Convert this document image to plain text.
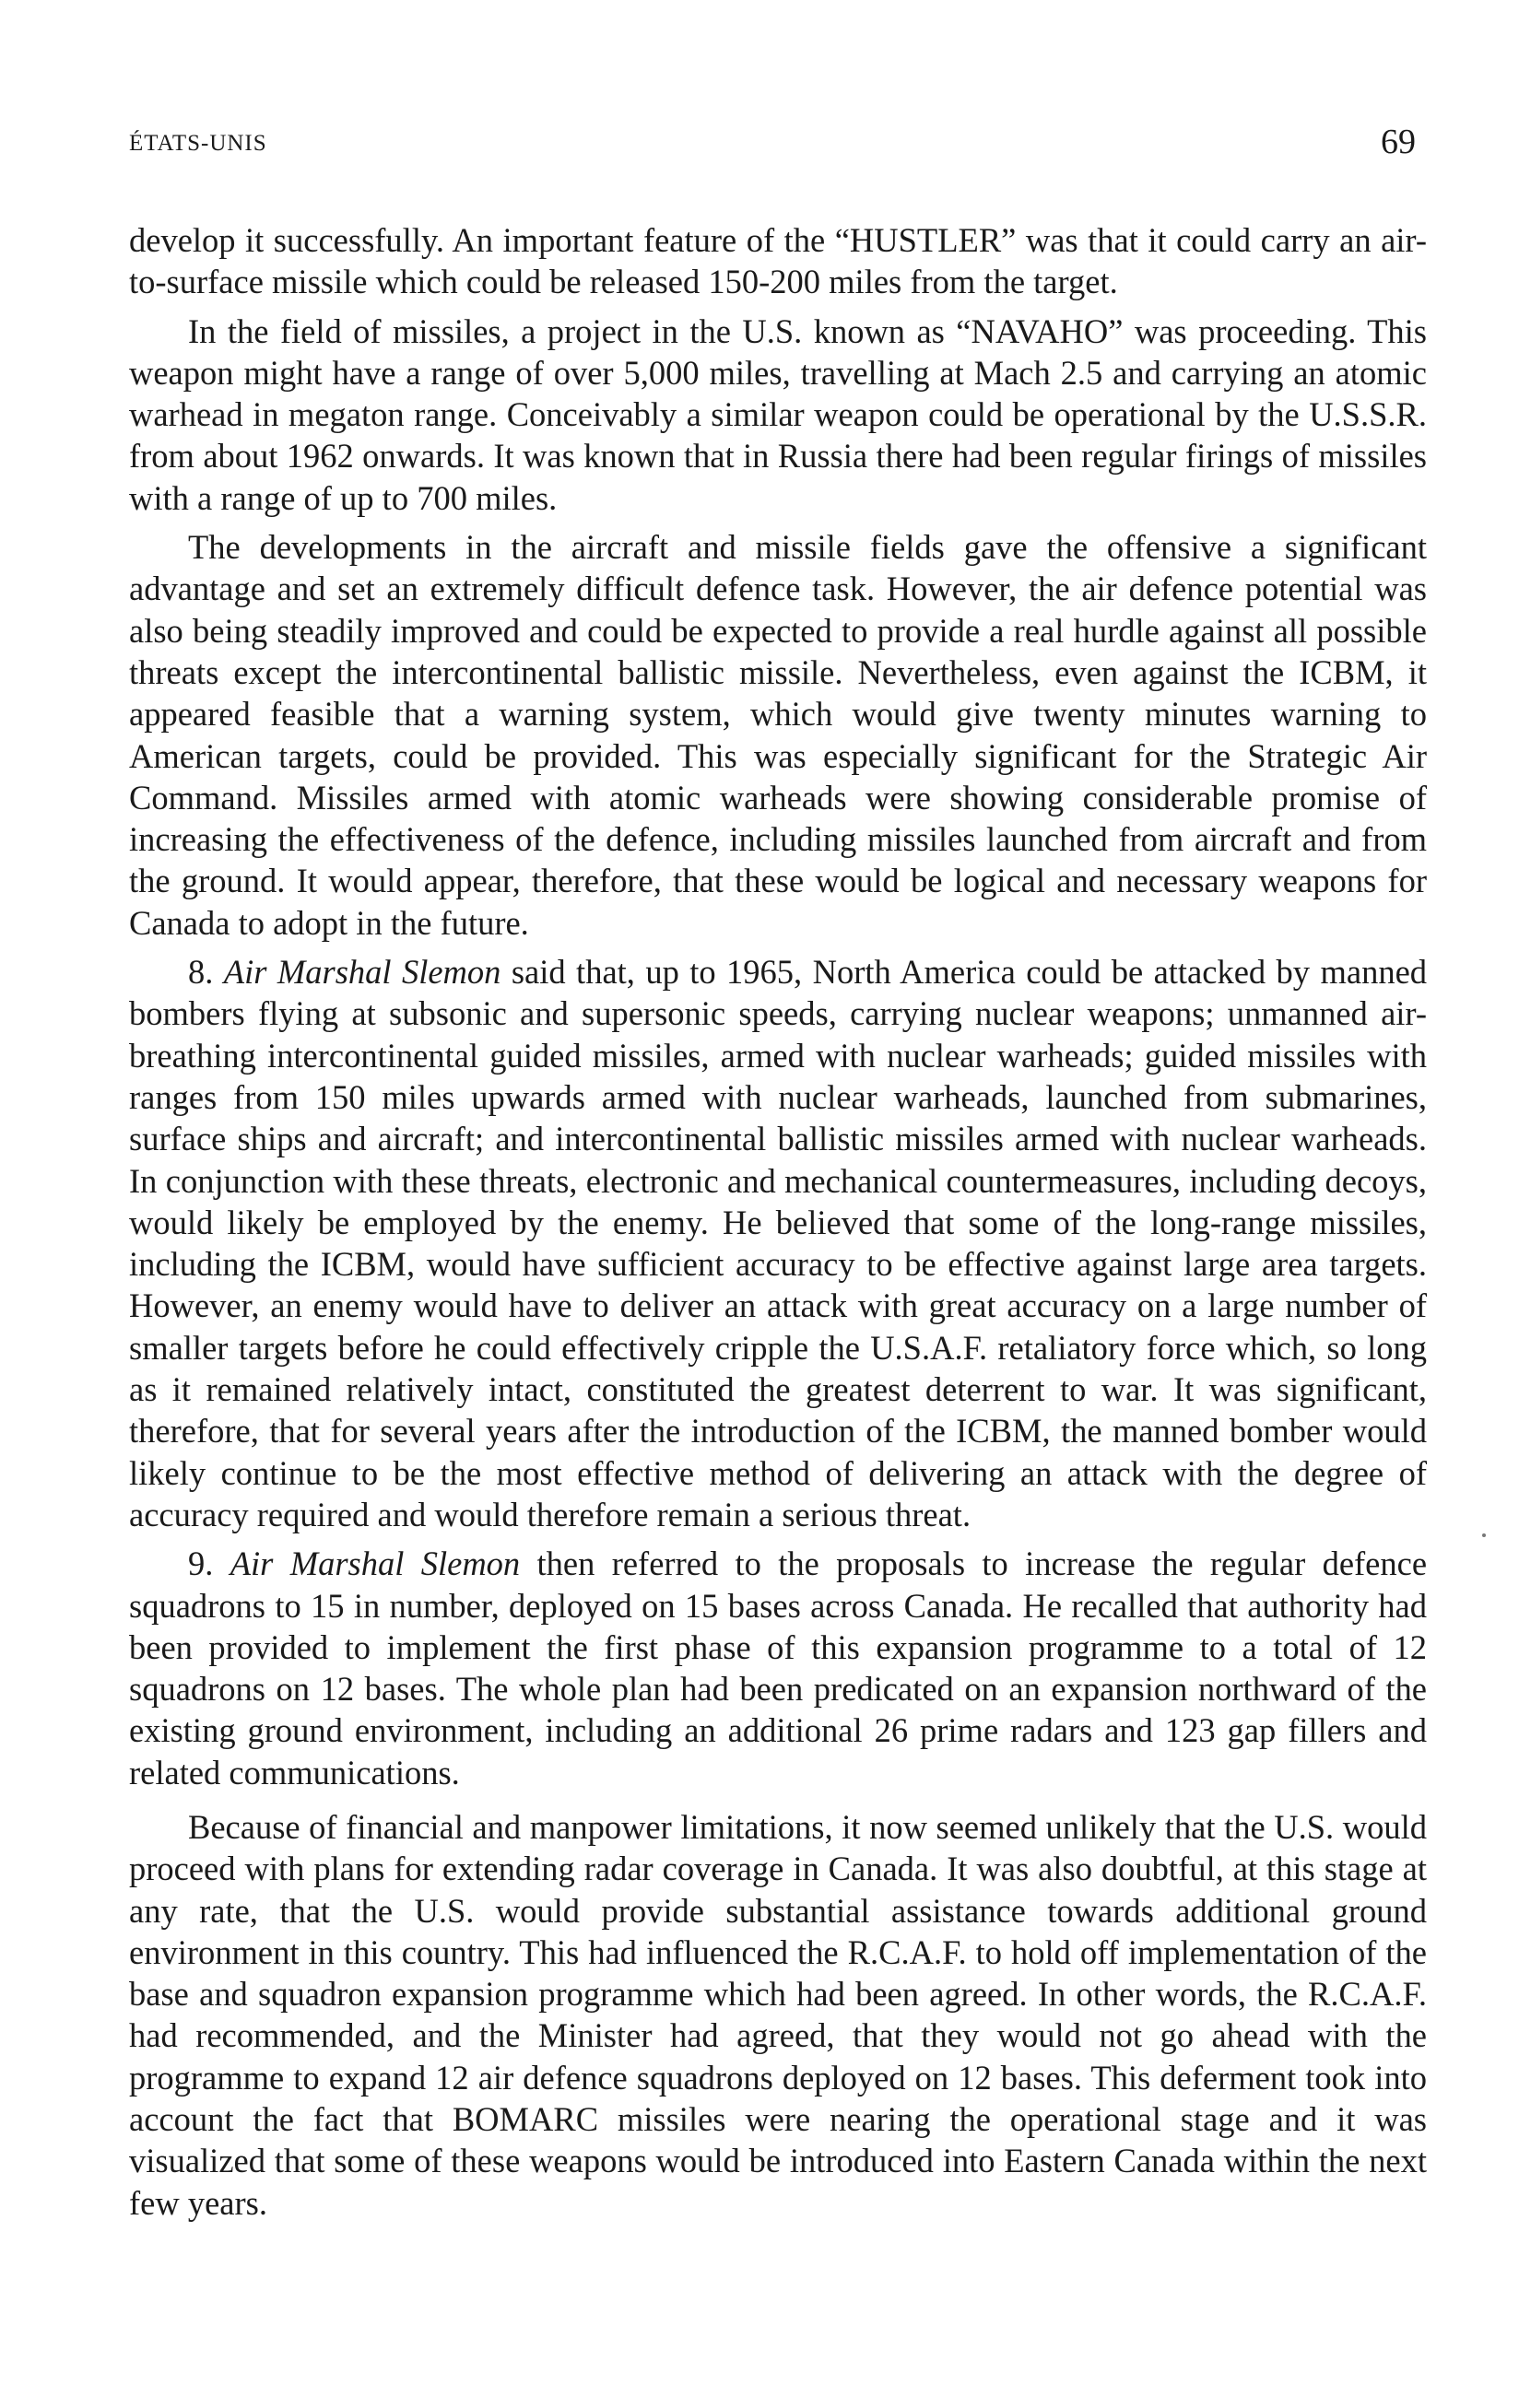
ÉTATS-UNIS	69

develop it successfully. An important feature of the “HUSTLER” was that it could carry an air-to-surface missile which could be released 150-200 miles from the target.

In the field of missiles, a project in the U.S. known as “NAVAHO” was proceeding. This weapon might have a range of over 5,000 miles, travelling at Mach 2.5 and carrying an atomic warhead in megaton range. Conceivably a similar weapon could be operational by the U.S.S.R. from about 1962 onwards. It was known that in Russia there had been regular firings of missiles with a range of up to 700 miles.

The developments in the aircraft and missile fields gave the offensive a significant advantage and set an extremely difficult defence task. However, the air defence potential was also being steadily improved and could be expected to provide a real hurdle against all possible threats except the intercontinental ballistic missile. Nevertheless, even against the ICBM, it appeared feasible that a warning system, which would give twenty minutes warning to American targets, could be provided. This was especially significant for the Strategic Air Command. Missiles armed with atomic warheads were showing considerable promise of increasing the effectiveness of the defence, including missiles launched from aircraft and from the ground. It would appear, therefore, that these would be logical and necessary weapons for Canada to adopt in the future.

8. Air Marshal Slemon said that, up to 1965, North America could be attacked by manned bombers flying at subsonic and supersonic speeds, carrying nuclear weapons; unmanned air-breathing intercontinental guided missiles, armed with nuclear warheads; guided missiles with ranges from 150 miles upwards armed with nuclear warheads, launched from submarines, surface ships and aircraft; and intercontinental ballistic missiles armed with nuclear warheads. In conjunction with these threats, electronic and mechanical countermeasures, including decoys, would likely be employed by the enemy. He believed that some of the long-range missiles, including the ICBM, would have sufficient accuracy to be effective against large area targets. However, an enemy would have to deliver an attack with great accuracy on a large number of smaller targets before he could effectively cripple the U.S.A.F. retaliatory force which, so long as it remained relatively intact, constituted the greatest deterrent to war. It was significant, therefore, that for several years after the introduction of the ICBM, the manned bomber would likely continue to be the most effective method of delivering an attack with the degree of accuracy required and would therefore remain a serious threat.

9. Air Marshal Slemon then referred to the proposals to increase the regular defence squadrons to 15 in number, deployed on 15 bases across Canada. He recalled that authority had been provided to implement the first phase of this expansion programme to a total of 12 squadrons on 12 bases. The whole plan had been predicated on an expansion northward of the existing ground environment, including an additional 26 prime radars and 123 gap fillers and related communications.

Because of financial and manpower limitations, it now seemed unlikely that the U.S. would proceed with plans for extending radar coverage in Canada. It was also doubtful, at this stage at any rate, that the U.S. would provide substantial assistance towards additional ground environment in this country. This had influenced the R.C.A.F. to hold off implementation of the base and squadron expansion programme which had been agreed. In other words, the R.C.A.F. had recommended, and the Minister had agreed, that they would not go ahead with the programme to expand 12 air defence squadrons deployed on 12 bases. This deferment took into account the fact that BOMARC missiles were nearing the operational stage and it was visualized that some of these weapons would be introduced into Eastern Canada within the next few years.
